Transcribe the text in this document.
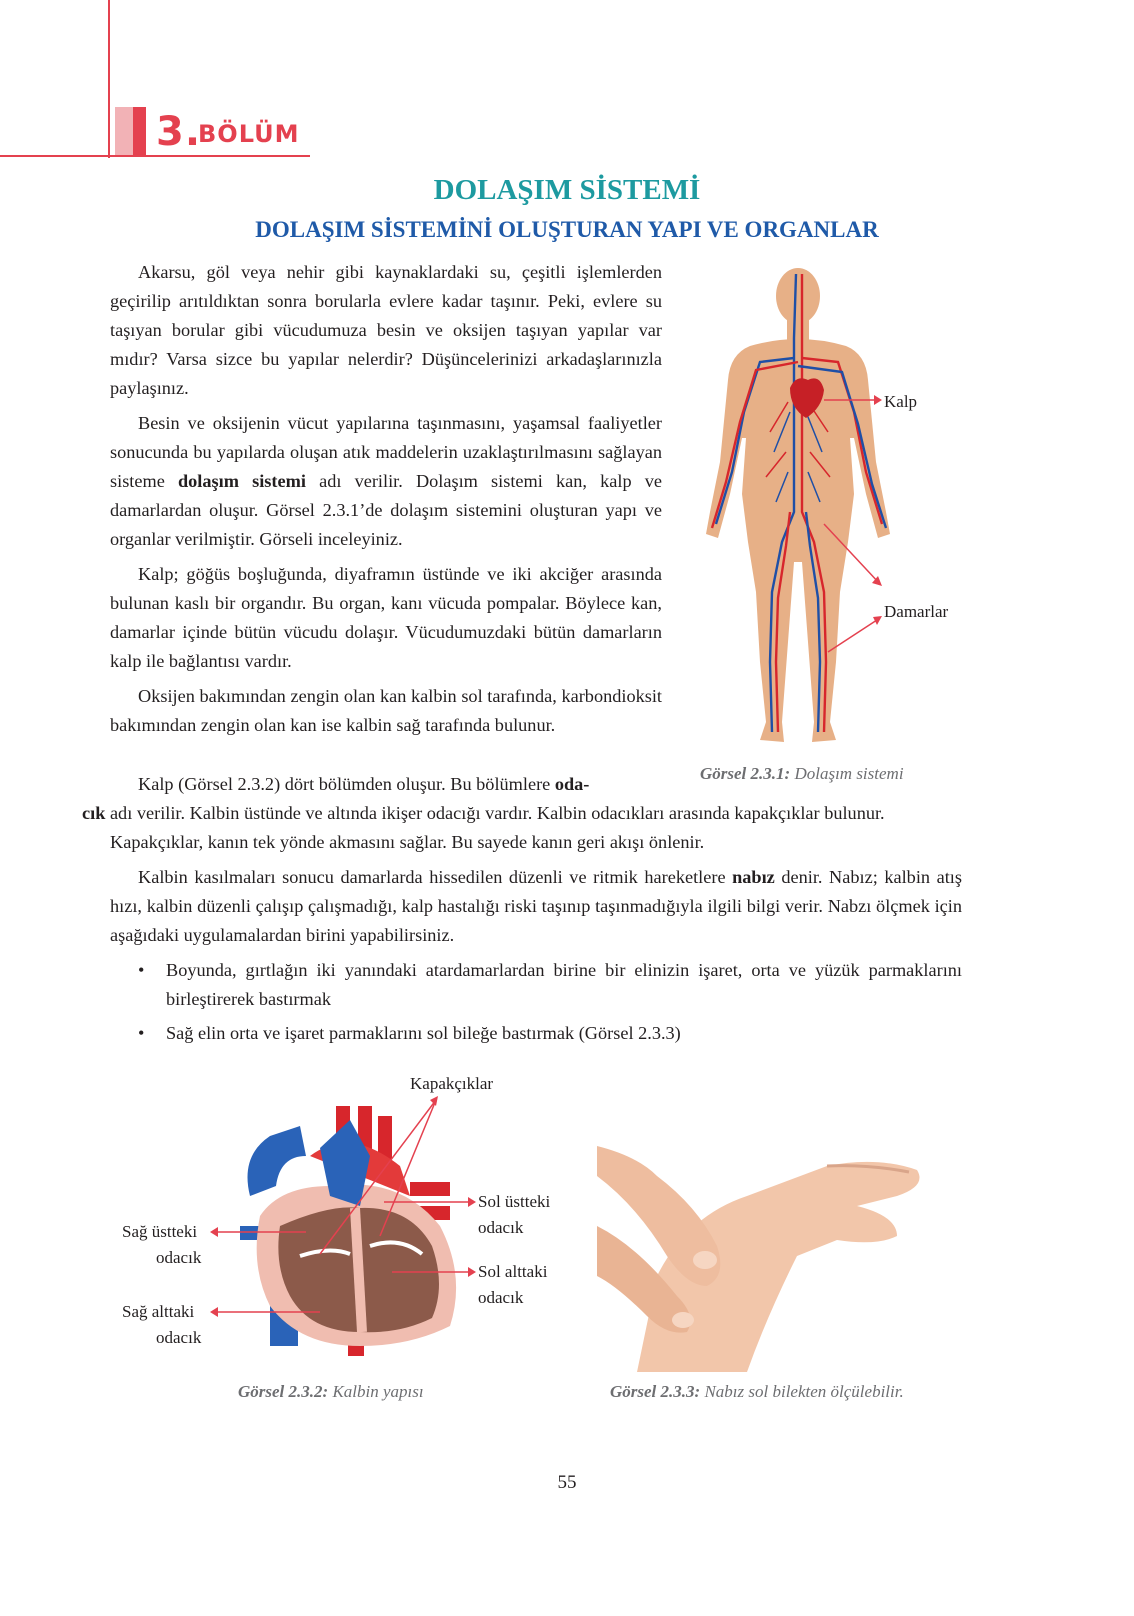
3.
BÖLÜM
DOLAŞIM SİSTEMİ
DOLAŞIM SİSTEMİNİ OLUŞTURAN YAPI VE ORGANLAR

Akarsu, göl veya nehir gibi kaynaklardaki su, çeşitli işlemlerden geçirilip arıtıldıktan sonra borularla evlere kadar taşınır. Peki, evlere su taşıyan borular gibi vücudumuza besin ve oksijen taşıyan yapılar var mıdır? Varsa sizce bu yapılar nelerdir? Düşüncelerinizi arkadaşlarınızla paylaşınız.

Besin ve oksijenin vücut yapılarına taşınmasını, yaşamsal faaliyetler sonucunda bu yapılarda oluşan atık maddelerin uzaklaştırılmasını sağlayan sisteme dolaşım sistemi adı verilir. Dolaşım sistemi kan, kalp ve damarlardan oluşur. Görsel 2.3.1’de dolaşım sistemini oluşturan yapı ve organlar verilmiştir. Görseli inceleyiniz.

Kalp; göğüs boşluğunda, diyaframın üstünde ve iki akciğer arasında bulunan kaslı bir organdır. Bu organ, kanı vücuda pompalar. Böylece kan, damarlar içinde bütün vücudu dolaşır. Vücudumuzdaki bütün damarların kalp ile bağlantısı vardır.

Oksijen bakımından zengin olan kan kalbin sol tarafında, karbondioksit bakımından zengin olan kan ise kalbin sağ tarafında bulunur.

Kalp
Damarlar
Görsel 2.3.1: Dolaşım sistemi

Kalp (Görsel 2.3.2) dört bölümden oluşur. Bu bölümlere oda-
cık adı verilir. Kalbin üstünde ve altında ikişer odacığı vardır. Kalbin odacıkları arasında kapakçıklar bulunur. Kapakçıklar, kanın tek yönde akmasını sağlar. Bu sayede kanın geri akışı önlenir.

Kalbin kasılmaları sonucu damarlarda hissedilen düzenli ve ritmik hareketlere nabız denir. Nabız; kalbin atış hızı, kalbin düzenli çalışıp çalışmadığı, kalp hastalığı riski taşınıp taşınmadığıyla ilgili bilgi verir. Nabzı ölçmek için aşağıdaki uygulamalardan birini yapabilirsiniz.

• Boyunda, gırtlağın iki yanındaki atardamarlardan birine bir elinizin işaret, orta ve yüzük parmaklarını birleştirerek bastırmak
• Sağ elin orta ve işaret parmaklarını sol bileğe bastırmak (Görsel 2.3.3)
Kapakçıklar
Sağ üstteki
odacık
Sağ alttaki
odacık
Sol üstteki
odacık
Sol alttaki
odacık
Görsel 2.3.2: Kalbin yapısı	Görsel 2.3.3: Nabız sol bilekten ölçülebilir.
55
